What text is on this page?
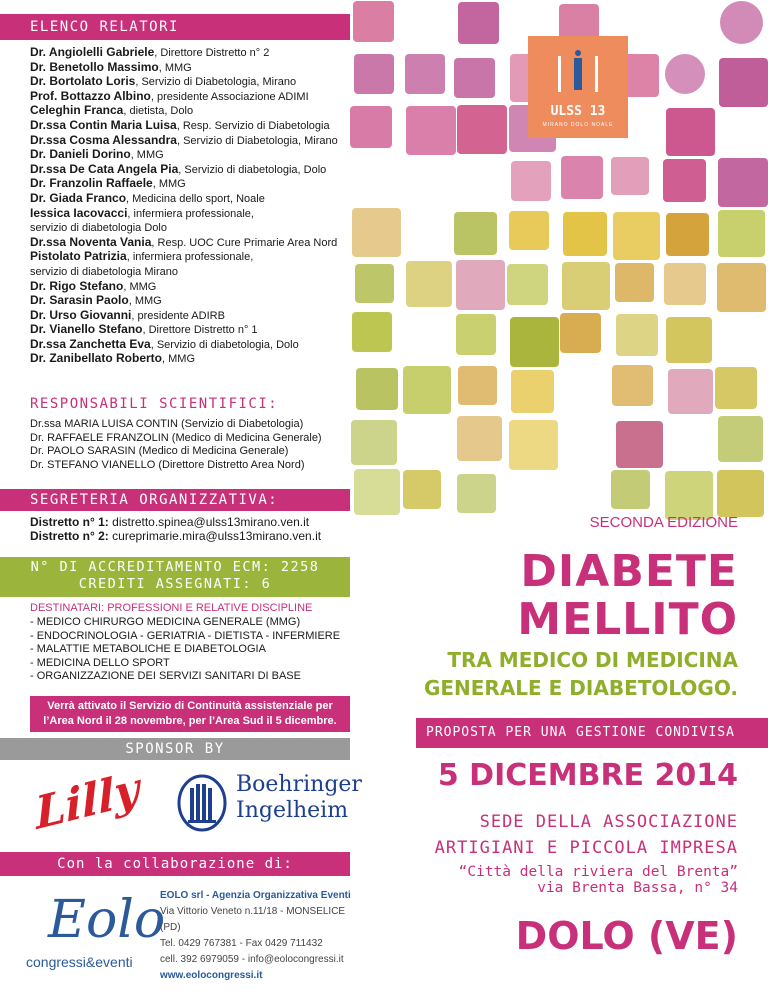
ELENCO RELATORI
Dr. Angiolelli Gabriele, Direttore Distretto n° 2
Dr. Benetollo Massimo, MMG
Dr. Bortolato Loris, Servizio di Diabetologia, Mirano
Prof. Bottazzo Albino, presidente Associazione ADIMI
Celeghin Franca, dietista, Dolo
Dr.ssa Contin Maria Luisa, Resp. Servizio di Diabetologia
Dr.ssa Cosma Alessandra, Servizio di Diabetologia, Mirano
Dr. Danieli Dorino, MMG
Dr.ssa De Cata Angela Pia, Servizio di diabetologia, Dolo
Dr. Franzolin Raffaele, MMG
Dr. Giada Franco, Medicina dello sport, Noale
Iessica Iacovacci, infermiera professionale,
servizio di diabetologia Dolo
Dr.ssa Noventa Vania, Resp. UOC Cure Primarie Area Nord
Pistolato Patrizia, infermiera professionale,
servizio di diabetologia Mirano
Dr. Rigo Stefano, MMG
Dr. Sarasin Paolo, MMG
Dr. Urso Giovanni, presidente ADIRB
Dr. Vianello Stefano, Direttore Distretto n° 1
Dr.ssa Zanchetta Eva, Servizio di diabetologia, Dolo
Dr. Zanibellato Roberto, MMG
RESPONSABILI SCIENTIFICI:
Dr.ssa MARIA LUISA CONTIN (Servizio di Diabetologia)
Dr. RAFFAELE FRANZOLIN (Medico di Medicina Generale)
Dr. PAOLO SARASIN (Medico di Medicina Generale)
Dr. STEFANO VIANELLO (Direttore Distretto Area Nord)
SEGRETERIA ORGANIZZATIVA:
Distretto n° 1: distretto.spinea@ulss13mirano.ven.it
Distretto n° 2: cureprimarie.mira@ulss13mirano.ven.it
N° DI ACCREDITAMENTO ECM: 2258
CREDITI ASSEGNATI: 6
DESTINATARI: PROFESSIONI E RELATIVE DISCIPLINE
- MEDICO CHIRURGO MEDICINA GENERALE (MMG)
- ENDOCRINOLOGIA - GERIATRIA - DIETISTA - INFERMIERE
- MALATTIE METABOLICHE E DIABETOLOGIA
- MEDICINA DELLO SPORT
- ORGANIZZAZIONE DEI SERVIZI SANITARI DI BASE
Verrà attivato il Servizio di Continuità assistenziale per
l’Area Nord il 28 novembre, per l’Area Sud il 5 dicembre.
SPONSOR BY
Lilly	Boehringer
Ingelheim
Con la collaborazione di:
Eolo
congressi&eventi
EOLO srl - Agenzia Organizzativa Eventi
Via Vittorio Veneto n.11/18 - MONSELICE (PD)
Tel. 0429 767381 - Fax 0429 711432
cell. 392 6979059 - info@eolocongressi.it
www.eolocongressi.it
ULSS 13
MIRANO DOLO NOALE
SECONDA EDIZIONE
DIABETE
MELLITO
TRA MEDICO DI MEDICINA
GENERALE E DIABETOLOGO.
PROPOSTA PER UNA GESTIONE CONDIVISA
5 DICEMBRE 2014
SEDE DELLA ASSOCIAZIONE
ARTIGIANI E PICCOLA IMPRESA
“Città della riviera del Brenta”
via Brenta Bassa, n° 34
DOLO (VE)
